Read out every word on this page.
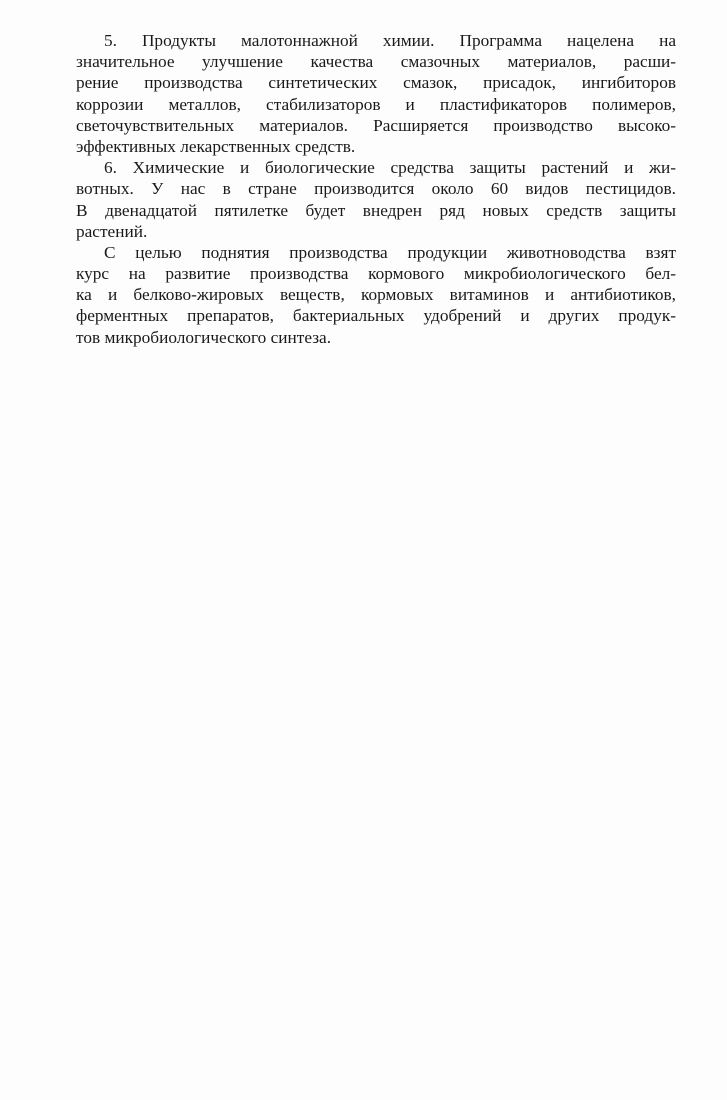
5. Продукты малотоннажной химии. Программа нацелена на
значительное улучшение качества смазочных материалов, расши-
рение производства синтетических смазок, присадок, ингибиторов
коррозии металлов, стабилизаторов и пластификаторов полимеров,
светочувствительных материалов. Расширяется производство высоко-
эффективных лекарственных средств.

6. Химические и биологические средства защиты растений и жи-
вотных. У нас в стране производится около 60 видов пестицидов.
В двенадцатой пятилетке будет внедрен ряд новых средств защиты
растений.

С целью поднятия производства продукции животноводства взят
курс на развитие производства кормового микробиологического бел-
ка и белково-жировых веществ, кормовых витаминов и антибиотиков,
ферментных препаратов, бактериальных удобрений и других продук-
тов микробиологического синтеза.
